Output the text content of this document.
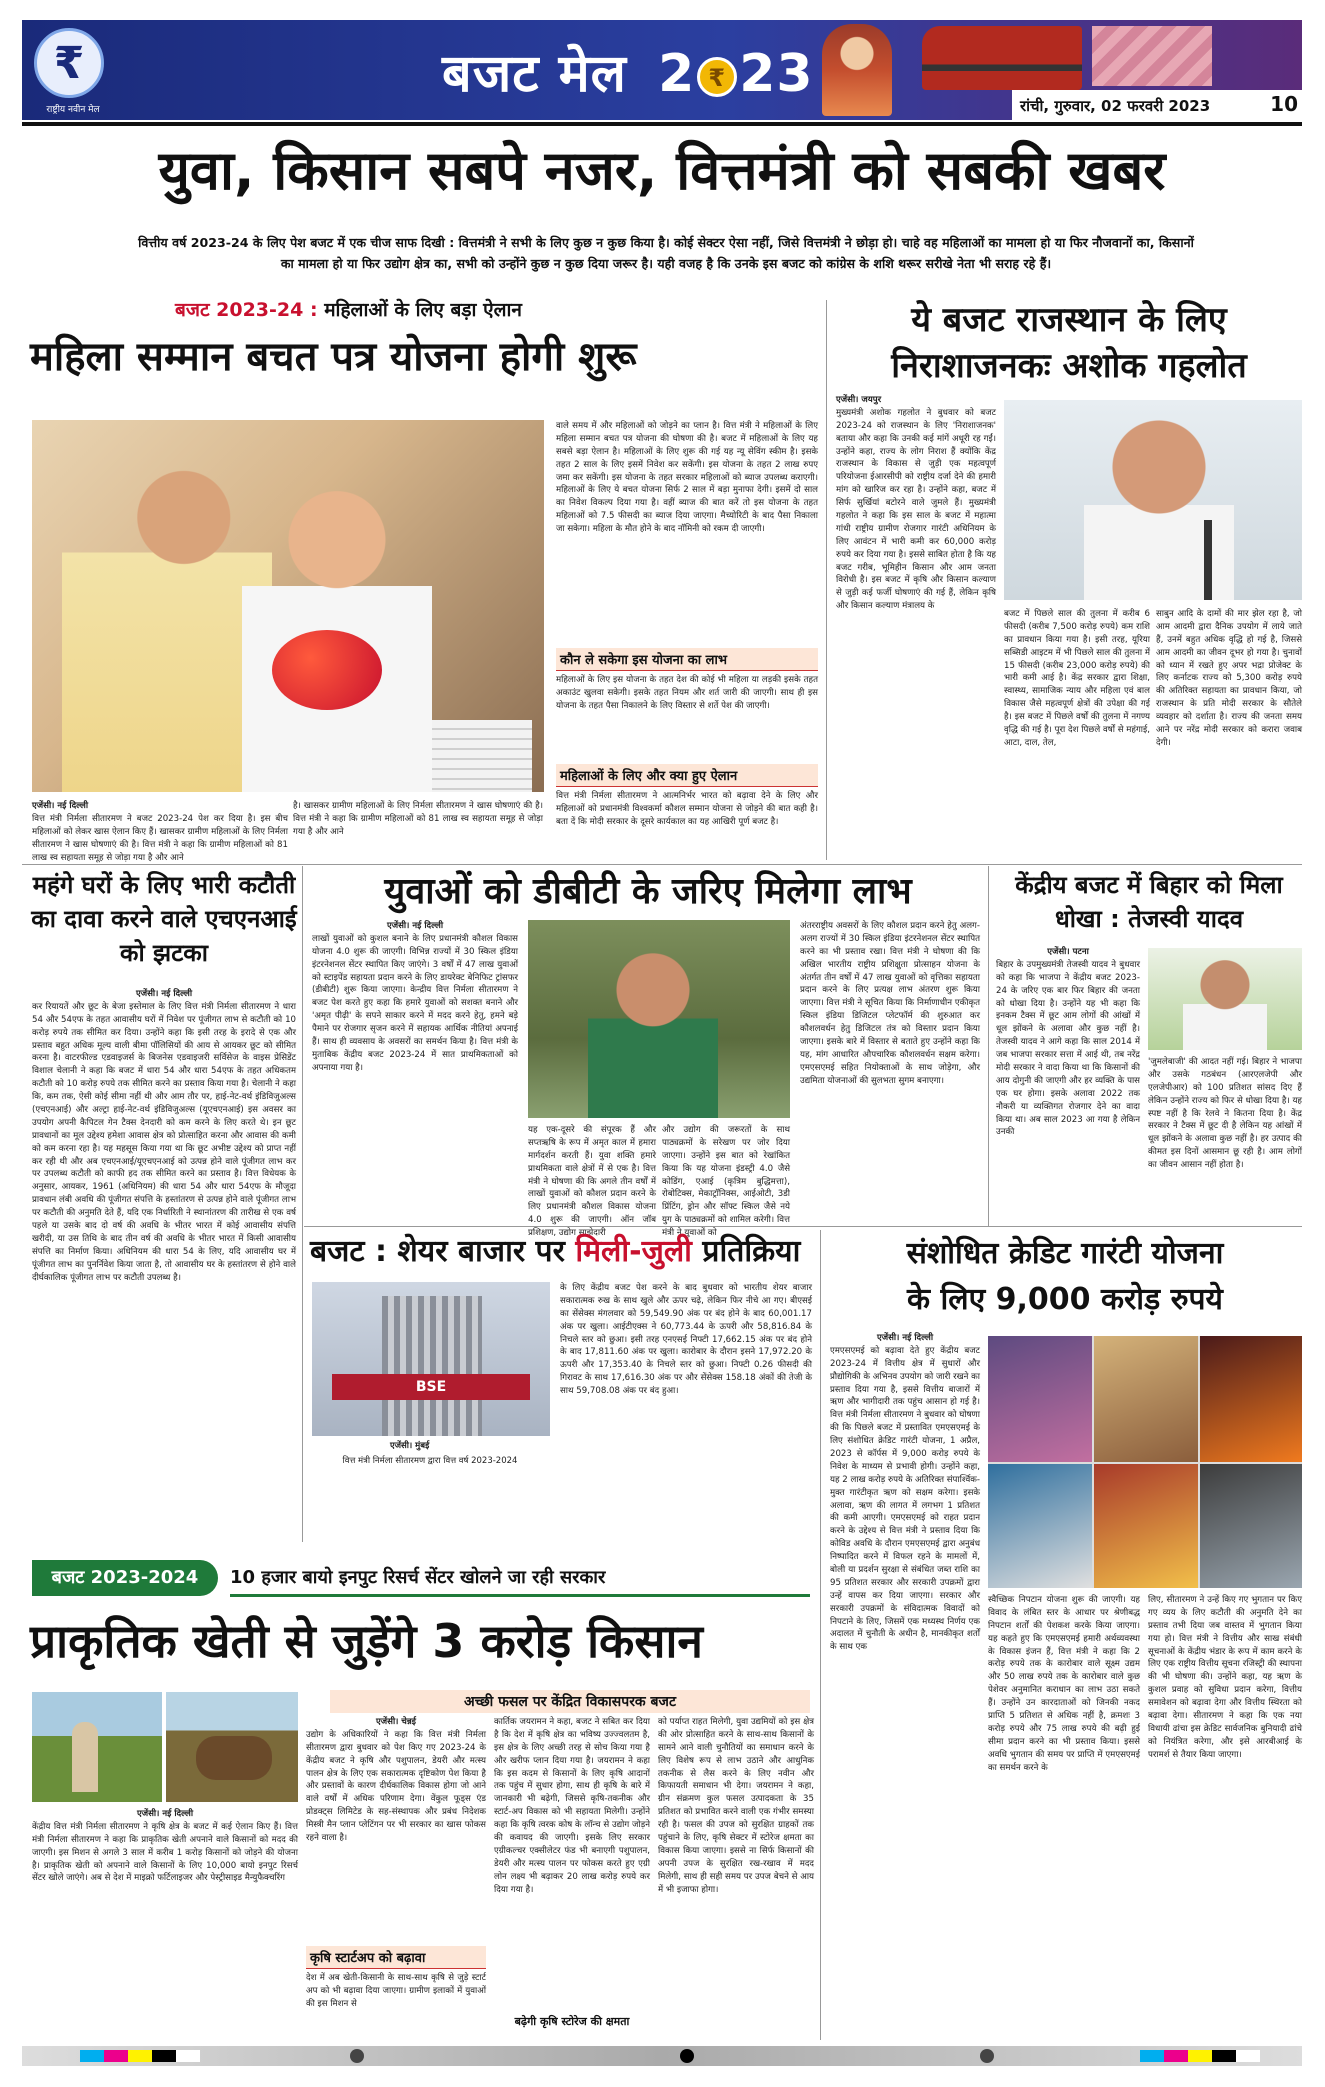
₹
राष्ट्रीय नवीन मेल
बजट मेल 2 ₹ 23
रांची, गुरुवार, 02 फरवरी 2023	10
युवा, किसान सबपे नजर, वित्तमंत्री को सबकी खबर
वित्तीय वर्ष 2023-24 के लिए पेश बजट में एक चीज साफ दिखी : वित्तमंत्री ने सभी के लिए कुछ न कुछ किया है। कोई सेक्टर ऐसा नहीं, जिसे वित्तमंत्री ने छोड़ा हो। चाहे वह महिलाओं का मामला हो या फिर नौजवानों का, किसानों
का मामला हो या फिर उद्योग क्षेत्र का, सभी को उन्होंने कुछ न कुछ दिया जरूर है। यही वजह है कि उनके इस बजट को कांग्रेस के शशि थरूर सरीखे नेता भी सराह रहे हैं।
बजट 2023-24 : महिलाओं के लिए बड़ा ऐलान
महिला सम्मान बचत पत्र योजना होगी शुरू
एजेंसी। नई दिल्ली

वित्त मंत्री निर्मला सीतारमण ने बजट 2023-24 पेश कर दिया है। इस बीच महिलाओं को लेकर खास ऐलान किए हैं। खासकर ग्रामीण महिलाओं के लिए निर्मला सीतारमण ने खास घोषणाएं की है। वित्त मंत्री ने कहा कि ग्रामीण महिलाओं को 81 लाख स्व सहायता समूह से जोड़ा गया है और आने

है। खासकर ग्रामीण महिलाओं के लिए निर्मला सीतारमण ने खास घोषणाएं की है। वित्त मंत्री ने कहा कि ग्रामीण महिलाओं को 81 लाख स्व सहायता समूह से जोड़ा गया है और आने

वाले समय में और महिलाओं को जोड़ने का प्लान है। वित्त मंत्री ने महिलाओं के लिए महिला सम्मान बचत पत्र योजना की घोषणा की है। बजट में महिलाओं के लिए यह सबसे बड़ा ऐलान है। महिलाओं के लिए शुरू की गई यह न्यू सेविंग स्कीम है। इसके तहत 2 साल के लिए इसमें निवेश कर सकेंगी। इस योजना के तहत 2 लाख रुपए जमा कर सकेंगी। इस योजना के तहत सरकार महिलाओं को ब्याज उपलब्ध कराएगी। महिलाओं के लिए ये बचत योजना सिर्फ 2 साल में बड़ा मुनाफा देगी। इसमें दो साल का निवेश विकल्प दिया गया है। वहीं ब्याज की बात करें तो इस योजना के तहत महिलाओं को 7.5 फीसदी का ब्याज दिया जाएगा। मैच्योरिटी के बाद पैसा निकाला जा सकेगा। महिला के मौत होने के बाद नॉमिनी को रकम दी जाएगी।

कौन ले सकेगा इस योजना का लाभ

महिलाओं के लिए इस योजना के तहत देश की कोई भी महिला या लड़की इसके तहत अकाउंट खुलवा सकेगी। इसके तहत नियम और शर्त जारी की जाएगी। साथ ही इस योजना के तहत पैसा निकालने के लिए विस्तार से शर्ते पेश की जाएगी।

महिलाओं के लिए और क्या हुए ऐलान

वित्त मंत्री निर्मला सीतारमण ने आत्मनिर्भर भारत को बढ़ावा देने के लिए और महिलाओं को प्रधानमंत्री विश्वकर्मा कौशल सम्मान योजना से जोड़ने की बात कही है। बता दें कि मोदी सरकार के दूसरे कार्यकाल का यह आखिरी पूर्ण बजट है।

ये बजट राजस्थान के लिए
निराशाजनकः अशोक गहलोत
एजेंसी। जयपुर

मुख्यमंत्री अशोक गहलोत ने बुधवार को बजट 2023-24 को राजस्थान के लिए 'निराशाजनक' बताया और कहा कि उनकी कई मांगें अधूरी रह गईं। उन्होंने कहा, राज्य के लोग निराश हैं क्योंकि केंद्र राजस्थान के विकास से जुड़ी एक महत्वपूर्ण परियोजना ईआरसीपी को राष्ट्रीय दर्जा देने की हमारी मांग को खारिज कर रहा है। उन्होंने कहा, बजट में सिर्फ सुर्खियां बटोरने वाले जुमले हैं। मुख्यमंत्री गहलोत ने कहा कि इस साल के बजट में महात्मा गांधी राष्ट्रीय ग्रामीण रोजगार गारंटी अधिनियम के लिए आवंटन में भारी कमी कर 60,000 करोड़ रुपये कर दिया गया है। इससे साबित होता है कि यह बजट गरीब, भूमिहीन किसान और आम जनता विरोधी है। इस बजट में कृषि और किसान कल्याण से जुड़ी कई फर्जी घोषणाएं की गई हैं, लेकिन कृषि और किसान कल्याण मंत्रालय के

बजट में पिछले साल की तुलना में करीब 6 फीसदी (करीब 7,500 करोड़ रुपये) कम राशि का प्रावधान किया गया है। इसी तरह, यूरिया सब्सिडी आइटम में भी पिछले साल की तुलना में 15 फीसदी (करीब 23,000 करोड़ रुपये) की भारी कमी आई है। केंद्र सरकार द्वारा शिक्षा, स्वास्थ्य, सामाजिक न्याय और महिला एवं बाल विकास जैसे महत्वपूर्ण क्षेत्रों की उपेक्षा की गई है। इस बजट में पिछले वर्षों की तुलना में नगण्य वृद्धि की गई है। पूरा देश पिछले वर्षों से महंगाई, आटा, दाल, तेल,

साबुन आदि के दामों की मार झेल रहा है, जो आम आदमी द्वारा दैनिक उपयोग में लाये जाते हैं, उनमें बहुत अधिक वृद्धि हो गई है, जिससे आम आदमी का जीवन दूभर हो गया है। चुनावों को ध्यान में रखते हुए अपर भद्रा प्रोजेक्ट के लिए कर्नाटक राज्य को 5,300 करोड़ रुपये की अतिरिक्त सहायता का प्रावधान किया, जो राजस्थान के प्रति मोदी सरकार के सौतेले व्यवहार को दर्शाता है। राज्य की जनता समय आने पर नरेंद्र मोदी सरकार को करारा जवाब देगी।

महंगे घरों के लिए भारी कटौती का दावा करने वाले एचएनआई को झटका
एजेंसी। नई दिल्ली

कर रियायतें और छूट के बेजा इस्तेमाल के लिए वित्त मंत्री निर्मला सीतारमण ने धारा 54 और 54एफ के तहत आवासीय घरों में निवेश पर पूंजीगत लाभ से कटौती को 10 करोड़ रुपये तक सीमित कर दिया। उन्होंने कहा कि इसी तरह के इरादे से एक और प्रस्ताव बहुत अधिक मूल्य वाली बीमा पॉलिसियों की आय से आयकर छूट को सीमित करना है। वाटरफील्ड एडवाइजर्स के बिजनेस एडवाइजरी सर्विसेज के वाइस प्रेसिडेंट विशाल चेलानी ने कहा कि बजट में धारा 54 और धारा 54एफ के तहत अधिकतम कटौती को 10 करोड़ रुपये तक सीमित करने का प्रस्ताव किया गया है। चेलानी ने कहा कि, कम तक, ऐसी कोई सीमा नहीं थी और आम तौर पर, हाई-नेट-वर्थ इंडिविजुअल्स (एचएनआई) और अल्ट्रा हाई-नेट-वर्थ इंडिविजुअल्स (यूएचएनआई) इस अवसर का उपयोग अपनी कैपिटल गेन टैक्स देनदारी को कम करने के लिए करते थे। इन छूट प्रावधानों का मूल उद्देश्य हमेशा आवास क्षेत्र को प्रोत्साहित करना और आवास की कमी को कम करना रहा है। यह महसूस किया गया था कि छूट अभीष्ट उद्देश्य को प्राप्त नहीं कर रही थी और अब एचएनआई/यूएचएनआई को उत्पन्न होने वाले पूंजीगत लाभ कर पर उपलब्ध कटौती को काफी हद तक सीमित करने का प्रस्ताव है। वित्त विधेयक के अनुसार, आयकर, 1961 (अधिनियम) की धारा 54 और धारा 54एफ के मौजूदा प्रावधान लंबी अवधि की पूंजीगत संपत्ति के हस्तांतरण से उत्पन्न होने वाले पूंजीगत लाभ पर कटौती की अनुमति देते हैं, यदि एक निर्धारिती ने स्थानांतरण की तारीख से एक वर्ष पहले या उसके बाद दो वर्ष की अवधि के भीतर भारत में कोई आवासीय संपत्ति खरीदी, या उस तिथि के बाद तीन वर्ष की अवधि के भीतर भारत में किसी आवासीय संपत्ति का निर्माण किया। अधिनियम की धारा 54 के लिए, यदि आवासीय घर में पूंजीगत लाभ का पुनर्निवेश किया जाता है, तो आवासीय घर के हस्तांतरण से होने वाले दीर्घकालिक पूंजीगत लाभ पर कटौती उपलब्ध है।

युवाओं को डीबीटी के जरिए मिलेगा लाभ
एजेंसी। नई दिल्ली

लाखों युवाओं को कुशल बनाने के लिए प्रधानमंत्री कौशल विकास योजना 4.0 शुरू की जाएगी। विभिन्न राज्यों में 30 स्किल इंडिया इंटरनेशनल सेंटर स्थापित किए जाएंगे। 3 वर्षों में 47 लाख युवाओं को स्टाइपेंड सहायता प्रदान करने के लिए डायरेक्ट बेनिफिट ट्रांसफर (डीबीटी) शुरू किया जाएगा। केन्द्रीय वित्त निर्मला सीतारमण ने बजट पेश करते हुए कहा कि हमारे युवाओं को सशक्त बनाने और 'अमृत पीढ़ी' के सपने साकार करने में मदद करने हेतु, हमने बड़े पैमाने पर रोजगार सृजन करने में सहायक आर्थिक नीतियां अपनाई हैं। साथ ही व्यवसाय के अवसरों का समर्थन किया है। वित्त मंत्री के मुताबिक केंद्रीय बजट 2023-24 में सात प्राथमिकताओं को अपनाया गया है।

यह एक-दूसरे की संपूरक हैं और सप्तऋषि के रूप में अमृत काल में हमारा मार्गदर्शन करती हैं। युवा शक्ति हमारे प्राथमिकता वाले क्षेत्रों में से एक है। वित्त मंत्री ने घोषणा की कि अगले तीन वर्षों में लाखों युवाओं को कौशल प्रदान करने के लिए प्रधानमंत्री कौशल विकास योजना 4.0 शुरू की जाएगी। ऑन जॉब प्रशिक्षण, उद्योग साझेदारी

और उद्योग की जरूरतों के साथ पाठ्यक्रमों के सरेखण पर जोर दिया जाएगा। उन्होंने इस बात को रेखांकित किया कि यह योजना इंडस्ट्री 4.0 जैसे कोडिंग, एआई (कृत्रिम बुद्धिमत्ता), रोबोटिक्स, मेकाट्रॉनिक्स, आईओटी, 3डी प्रिंटिंग, ड्रोन और सॉफ्ट स्किल जैसे नये युग के पाठ्यक्रमों को शामिल करेगी। वित्त मंत्री ने युवाओं को

अंतरराष्ट्रीय अवसरों के लिए कौशल प्रदान करने हेतु अलग-अलग राज्यों में 30 स्किल इंडिया इंटरनेशनल सेंटर स्थापित करने का भी प्रस्ताव रखा। वित्त मंत्री ने घोषणा की कि अखिल भारतीय राष्ट्रीय प्रशिक्षुता प्रोत्साहन योजना के अंतर्गत तीन वर्षों में 47 लाख युवाओं को वृत्तिका सहायता प्रदान करने के लिए प्रत्यक्ष लाभ अंतरण शुरू किया जाएगा। वित्त मंत्री ने सूचित किया कि निर्माणाधीन एकीकृत स्किल इंडिया डिजिटल प्लेटफॉर्म की शुरुआत कर कौशलवर्धन हेतु डिजिटल तंत्र को विस्तार प्रदान किया जाएगा। इसके बारे में विस्तार से बताते हुए उन्होंने कहा कि यह, मांग आधारित औपचारिक कौशलवर्धन सक्षम करेगा। एमएसएमई सहित नियोक्ताओं के साथ जोड़ेगा, और उद्यमिता योजनाओं की सुलभता सुगम बनाएगा।

केंद्रीय बजट में बिहार को मिला धोखा : तेजस्वी यादव
एजेंसी। पटना

बिहार के उपमुख्यमंत्री तेजस्वी यादव ने बुधवार को कहा कि भाजपा ने केंद्रीय बजट 2023-24 के जरिए एक बार फिर बिहार की जनता को धोखा दिया है। उन्होंने यह भी कहा कि इनकम टैक्स में छूट आम लोगों की आंखों में धूल झोंकने के अलावा और कुछ नहीं है। तेजस्वी यादव ने आगे कहा कि साल 2014 में जब भाजपा सरकार सत्ता में आई थी, तब नरेंद्र मोदी सरकार ने वादा किया था कि किसानों की आय दोगुनी की जाएगी और हर व्यक्ति के पास एक घर होगा। इसके अलावा 2022 तक नौकरी या व्यक्तिगत रोजगार देने का वादा किया था। अब साल 2023 आ गया है लेकिन उनकी

'जुमलेबाजी' की आदत नहीं गई। बिहार ने भाजपा और उसके गठबंधन (आरएलजेपी और एलजेपीआर) को 100 प्रतिशत सांसद दिए हैं लेकिन उन्होंने राज्य को फिर से धोखा दिया है। यह स्पष्ट नहीं है कि रेलवे ने कितना दिया है। केंद्र सरकार ने टैक्स में छूट दी है लेकिन यह आंखों में धूल झोंकने के अलावा कुछ नहीं है। हर उत्पाद की कीमत इस दिनों आसमान छू रही है। आम लोगों का जीवन आसान नहीं होता है।

बजट : शेयर बाजार पर मिली-जुली प्रतिक्रिया
BSE
एजेंसी। मुंबई
वित्त मंत्री निर्मला सीतारमण द्वारा वित्त वर्ष 2023-2024

के लिए केंद्रीय बजट पेश करने के बाद बुधवार को भारतीय शेयर बाजार सकारात्मक रुख के साथ खुले और ऊपर चढ़े, लेकिन फिर नीचे आ गए। बीएसई का सेंसेक्स मंगलवार को 59,549.90 अंक पर बंद होने के बाद 60,001.17 अंक पर खुला। आईटीएक्स ने 60,773.44 के ऊपरी और 58,816.84 के निचले स्तर को छुआ। इसी तरह एनएसई निफ्टी 17,662.15 अंक पर बंद होने के बाद 17,811.60 अंक पर खुला। कारोबार के दौरान इसने 17,972.20 के ऊपरी और 17,353.40 के निचले स्तर को छुआ। निफ्टी 0.26 फीसदी की गिरावट के साथ 17,616.30 अंक पर और सेंसेक्स 158.18 अंकों की तेजी के साथ 59,708.08 अंक पर बंद हुआ।

संशोधित क्रेडिट गारंटी योजना
के लिए 9,000 करोड़ रुपये
एजेंसी। नई दिल्ली

एमएसएमई को बढ़ावा देते हुए केंद्रीय बजट 2023-24 में वित्तीय क्षेत्र में सुधारों और प्रौद्योगिकी के अभिनव उपयोग को जारी रखने का प्रस्ताव दिया गया है, इससे वित्तीय बाजारों में ऋण और भागीदारी तक पहुंच आसान हो गई है। वित्त मंत्री निर्मला सीतारमण ने बुधवार को घोषणा की कि पिछले बजट में प्रस्तावित एमएसएमई के लिए संशोधित क्रेडिट गारंटी योजना, 1 अप्रैल, 2023 से कॉर्पस में 9,000 करोड़ रुपये के निवेश के माध्यम से प्रभावी होगी। उन्होंने कहा, यह 2 लाख करोड़ रुपये के अतिरिक्त संपार्श्विक-मुक्त गारंटीकृत ऋण को सक्षम करेगा। इसके अलावा, ऋण की लागत में लगभग 1 प्रतिशत की कमी आएगी। एमएसएमई को राहत प्रदान करने के उद्देश्य से वित्त मंत्री ने प्रस्ताव दिया कि कोविड अवधि के दौरान एमएसएमई द्वारा अनुबंध निष्पादित करने में विफल रहने के मामलों में, बोली या प्रदर्शन सुरक्षा से संबंधित जब्त राशि का 95 प्रतिशत सरकार और सरकारी उपक्रमों द्वारा उन्हें वापस कर दिया जाएगा। सरकार और सरकारी उपक्रमों के संविदात्मक विवादों को निपटाने के लिए, जिसमें एक मध्यस्थ निर्णय एक अदालत में चुनौती के अधीन है, मानकीकृत शर्तों के साथ एक

स्वैच्छिक निपटान योजना शुरू की जाएगी। यह विवाद के लंबित स्तर के आधार पर श्रेणीबद्ध निपटान शर्तों की पेशकश करके किया जाएगा। यह कहते हुए कि एमएसएमई हमारी अर्थव्यवस्था के विकास इंजन हैं, वित्त मंत्री ने कहा कि 2 करोड़ रुपये तक के कारोबार वाले सूक्ष्म उद्यम और 50 लाख रुपये तक के कारोबार वाले कुछ पेशेवर अनुमानित कराधान का लाभ उठा सकते हैं। उन्होंने उन कारदाताओं को जिनकी नकद प्राप्ति 5 प्रतिशत से अधिक नहीं है, क्रमशः 3 करोड़ रुपये और 75 लाख रुपये की बढ़ी हुई सीमा प्रदान करने का भी प्रस्ताव किया। इससे अवधि भुगतान की समय पर प्राप्ति में एमएसएमई का समर्थन करने के

लिए, सीतारमण ने उन्हें किए गए भुगतान पर किए गए व्यय के लिए कटौती की अनुमति देने का प्रस्ताव तभी दिया जब वास्तव में भुगतान किया गया हो। वित्त मंत्री ने वित्तीय और साख संबंधी सूचनाओं के केंद्रीय भंडार के रूप में काम करने के लिए एक राष्ट्रीय वित्तीय सूचना रजिस्ट्री की स्थापना की भी घोषणा की। उन्होंने कहा, यह ऋण के कुशल प्रवाह को सुविधा प्रदान करेगा, वित्तीय समावेशन को बढ़ावा देगा और वित्तीय स्थिरता को बढ़ावा देगा। सीतारमण ने कहा कि एक नया विधायी ढांचा इस क्रेडिट सार्वजनिक बुनियादी ढांचे को नियंत्रित करेगा, और इसे आरबीआई के परामर्श से तैयार किया जाएगा।

बजट 2023-2024	10 हजार बायो इनपुट रिसर्च सेंटर खोलने जा रही सरकार
प्राकृतिक खेती से जुड़ेंगे 3 करोड़ किसान
अच्छी फसल पर केंद्रित विकासपरक बजट
एजेंसी। नई दिल्ली

केंद्रीय वित्त मंत्री निर्मला सीतारमण ने कृषि क्षेत्र के बजट में कई ऐलान किए हैं। वित्त मंत्री निर्मला सीतारमण ने कहा कि प्राकृतिक खेती अपनाने वाले किसानों को मदद की जाएगी। इस मिशन से अगले 3 साल में करीब 1 करोड़ किसानों को जोड़ने की योजना है। प्राकृतिक खेती को अपनाने वाले किसानों के लिए 10,000 बायो इनपुट रिसर्च सेंटर खोले जाएंगे। अब से देश में माइक्रो फर्टिलाइजर और पेस्ट्रीसाइड मैन्युफैक्चरिंग

एजेंसी। चेन्नई

उद्योग के अधिकारियों ने कहा कि वित्त मंत्री निर्मला सीतारमण द्वारा बुधवार को पेश किए गए 2023-24 के केंद्रीय बजट ने कृषि और पशुपालन, डेयरी और मत्स्य पालन क्षेत्र के लिए एक सकारात्मक दृष्टिकोण पेश किया है और प्रस्तावों के कारण दीर्घकालिक विकास होगा जो आने वाले वर्षों में अधिक परिणाम देगा। वेंकुल फूड्स एंड प्रोडक्ट्स लिमिटेड के सह-संस्थापक और प्रबंध निदेशक मिस्त्री मैन प्लान प्लेटिंगन पर भी सरकार का खास फोकस रहने वाला है।

कृषि स्टार्टअप को बढ़ावा

देश में अब खेती-किसानी के साथ-साथ कृषि से जुड़े स्टार्ट अप को भी बढ़ावा दिया जाएगा। ग्रामीण इलाकों में युवाओं की इस मिशन से

कार्तिक जयरामन ने कहा, बजट ने सबित कर दिया है कि देश में कृषि क्षेत्र का भविष्य उज्ज्वलतम है, इस क्षेत्र के लिए अच्छी तरह से सोच किया गया है और खरीफ प्लान दिया गया है। जयरामन ने कहा कि इस कदम से किसानों के लिए कृषि आदानों तक पहुंच में सुधार होगा, साथ ही कृषि के बारे में जानकारी भी बढ़ेगी, जिससे कृषि-तकनीक और स्टार्ट-अप विकास को भी सहायता मिलेगी। उन्होंने कहा कि कृषि त्वरक कोष के लॉन्च से उद्योग जोड़ने की कवायद की जाएगी। इसके लिए सरकार एग्रीकल्चर एक्सीलेटर फंड भी बनाएगी पशुपालन, डेयरी और मत्स्य पालन पर फोकस करते हुए एग्री लोन लक्ष्य भी बढ़ाकर 20 लाख करोड़ रुपये कर दिया गया है।

बढ़ेगी कृषि स्टोरेज की क्षमता

को पर्याप्त राहत मिलेगी, युवा उद्यमियों को इस क्षेत्र की ओर प्रोत्साहित करने के साथ-साथ किसानों के सामने आने वाली चुनौतियों का समाधान करने के लिए विशेष रूप से लाभ उठाने और आधुनिक तकनीक से लैस करने के लिए नवीन और किफायती समाधान भी देगा। जयरामन ने कहा, ग्रीन संक्रमण कुल फसल उत्पादकता के 35 प्रतिशत को प्रभावित करने वाली एक गंभीर समस्या रही है। फसल की उपज को सुरक्षित ग्राहकों तक पहुंचाने के लिए, कृषि सेक्टर में स्टोरेज क्षमता का विकास किया जाएगा। इससे ना सिर्फ किसानों की अपनी उपज के सुरक्षित रख-रखाव में मदद मिलेगी, साथ ही सही समय पर उपज बेचने से आय में भी इजाफा होगा।
